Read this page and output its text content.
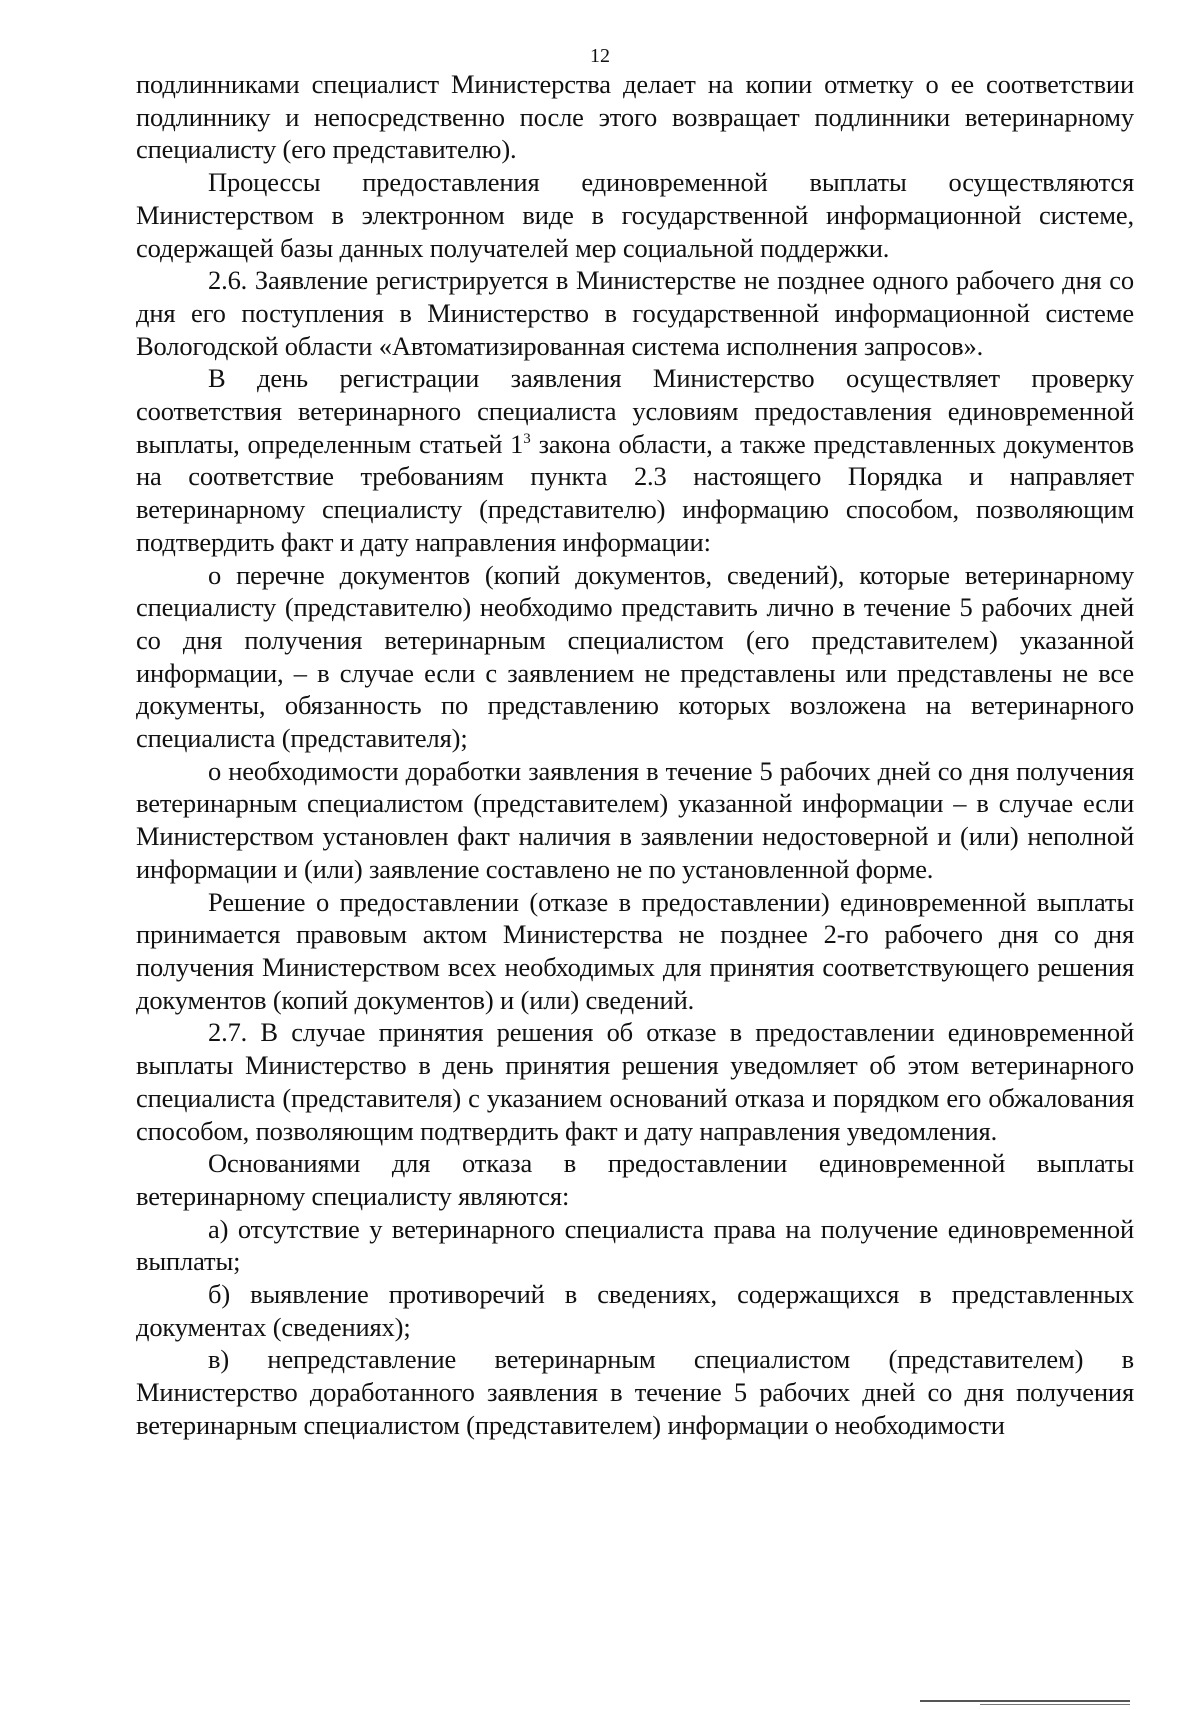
12

подлинниками специалист Министерства делает на копии отметку о ее соответствии подлиннику и непосредственно после этого возвращает подлинники ветеринарному специалисту (его представителю).

Процессы предоставления единовременной выплаты осуществляются Министерством в электронном виде в государственной информационной системе, содержащей базы данных получателей мер социальной поддержки.

2.6. Заявление регистрируется в Министерстве не позднее одного рабочего дня со дня его поступления в Министерство в государственной информационной системе Вологодской области «Автоматизированная система исполнения запросов».

В день регистрации заявления Министерство осуществляет проверку соответствия ветеринарного специалиста условиям предоставления единовременной выплаты, определенным статьей $1^3$ закона области, а также представленных документов на соответствие требованиям пункта 2.3 настоящего Порядка и направляет ветеринарному специалисту (представителю) информацию способом, позволяющим подтвердить факт и дату направления информации:

о перечне документов (копий документов, сведений), которые ветеринарному специалисту (представителю) необходимо представить лично в течение 5 рабочих дней со дня получения ветеринарным специалистом (его представителем) указанной информации, – в случае если с заявлением не представлены или представлены не все документы, обязанность по представлению которых возложена на ветеринарного специалиста (представителя);

о необходимости доработки заявления в течение 5 рабочих дней со дня получения ветеринарным специалистом (представителем) указанной информации – в случае если Министерством установлен факт наличия в заявлении недостоверной и (или) неполной информации и (или) заявление составлено не по установленной форме.

Решение о предоставлении (отказе в предоставлении) единовременной выплаты принимается правовым актом Министерства не позднее 2-го рабочего дня со дня получения Министерством всех необходимых для принятия соответствующего решения документов (копий документов) и (или) сведений.

2.7. В случае принятия решения об отказе в предоставлении единовременной выплаты Министерство в день принятия решения уведомляет об этом ветеринарного специалиста (представителя) с указанием оснований отказа и порядком его обжалования способом, позволяющим подтвердить факт и дату направления уведомления.

Основаниями для отказа в предоставлении единовременной выплаты ветеринарному специалисту являются:

а) отсутствие у ветеринарного специалиста права на получение единовременной выплаты;

б) выявление противоречий в сведениях, содержащихся в представленных документах (сведениях);

в) непредставление ветеринарным специалистом (представителем) в Министерство доработанного заявления в течение 5 рабочих дней со дня получения ветеринарным специалистом (представителем) информации о необходимости
